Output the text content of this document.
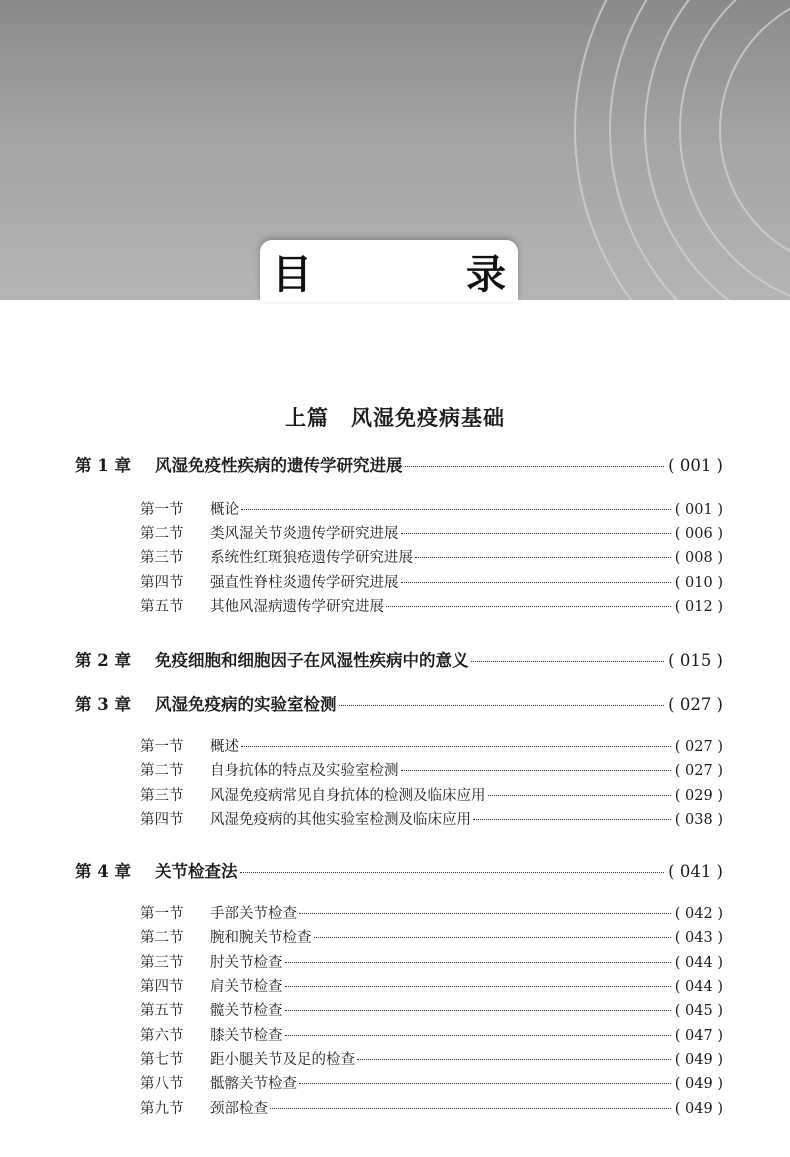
目 录
上篇　风湿免疫病基础
第 1 章	风湿免疫性疾病的遗传学研究进展	( 001 )
第一节	概论	( 001 )
第二节	类风湿关节炎遗传学研究进展	( 006 )
第三节	系统性红斑狼疮遗传学研究进展	( 008 )
第四节	强直性脊柱炎遗传学研究进展	( 010 )
第五节	其他风湿病遗传学研究进展	( 012 )
第 2 章	免疫细胞和细胞因子在风湿性疾病中的意义	( 015 )
第 3 章	风湿免疫病的实验室检测	( 027 )
第一节	概述	( 027 )
第二节	自身抗体的特点及实验室检测	( 027 )
第三节	风湿免疫病常见自身抗体的检测及临床应用	( 029 )
第四节	风湿免疫病的其他实验室检测及临床应用	( 038 )
第 4 章	关节检查法	( 041 )
第一节	手部关节检查	( 042 )
第二节	腕和腕关节检查	( 043 )
第三节	肘关节检查	( 044 )
第四节	肩关节检查	( 044 )
第五节	髋关节检查	( 045 )
第六节	膝关节检查	( 047 )
第七节	距小腿关节及足的检查	( 049 )
第八节	骶髂关节检查	( 049 )
第九节	颈部检查	( 049 )
